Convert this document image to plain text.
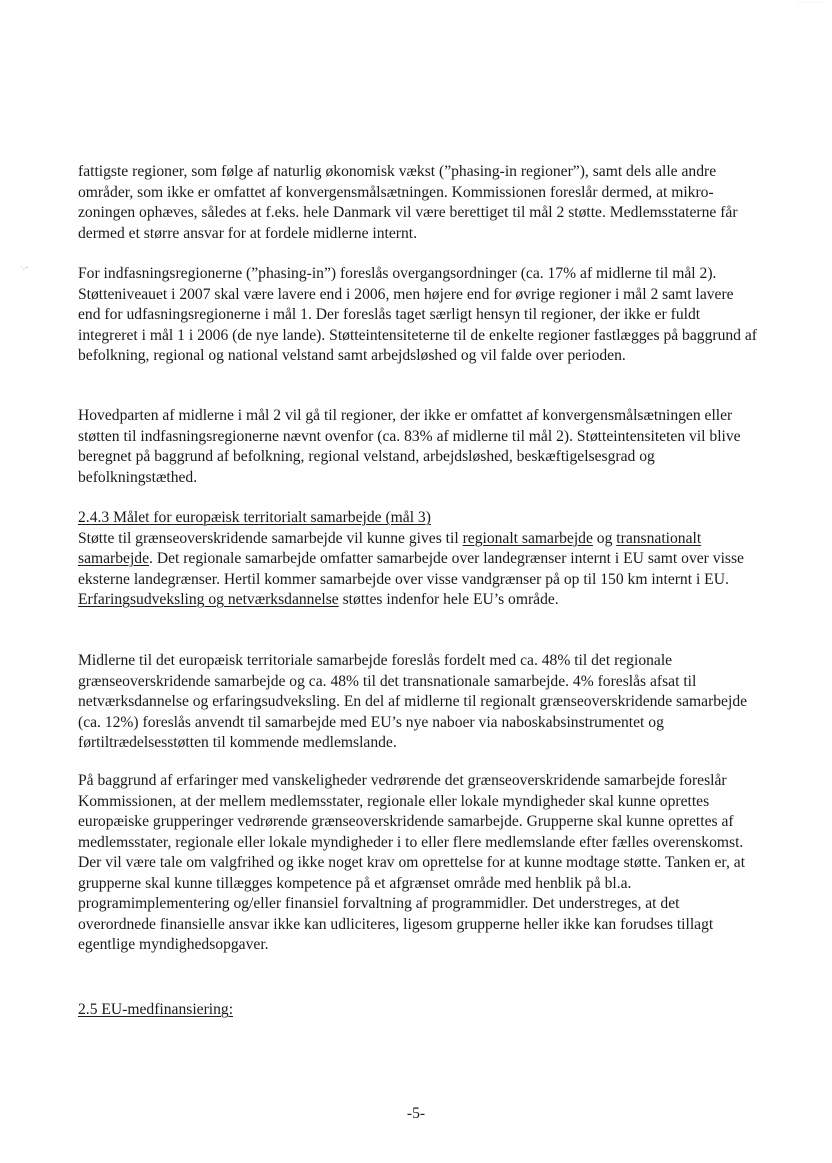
·······
˙·ˉ

fattigste regioner, som følge af naturlig økonomisk vækst (”phasing-in regioner”), samt dels alle andre områder, som ikke er omfattet af konvergensmålsætningen. Kommissionen foreslår dermed, at mikro-zoningen ophæves, således at f.eks. hele Danmark vil være berettiget til mål 2 støtte. Medlemsstaterne får dermed et større ansvar for at fordele midlerne internt.

For indfasningsregionerne (”phasing-in”) foreslås overgangsordninger (ca. 17% af midlerne til mål 2). Støtteniveauet i 2007 skal være lavere end i 2006, men højere end for øvrige regioner i mål 2 samt lavere end for udfasningsregionerne i mål 1. Der foreslås taget særligt hensyn til regioner, der ikke er fuldt integreret i mål 1 i 2006 (de nye lande). Støtteintensiteterne til de enkelte regioner fastlægges på baggrund af befolkning, regional og national velstand samt arbejdsløshed og vil falde over perioden.

Hovedparten af midlerne i mål 2 vil gå til regioner, der ikke er omfattet af konvergensmålsætningen eller støtten til indfasningsregionerne nævnt ovenfor (ca. 83% af midlerne til mål 2). Støtteintensiteten vil blive beregnet på baggrund af befolkning, regional velstand, arbejdsløshed, beskæftigelsesgrad og befolkningstæthed.

2.4.3 Målet for europæisk territorialt samarbejde (mål 3)

Støtte til grænseoverskridende samarbejde vil kunne gives til regionalt samarbejde og transnationalt samarbejde. Det regionale samarbejde omfatter samarbejde over landegrænser internt i EU samt over visse eksterne landegrænser. Hertil kommer samarbejde over visse vandgrænser på op til 150 km internt i EU. Erfaringsudveksling og netværksdannelse støttes indenfor hele EU’s område.

Midlerne til det europæisk territoriale samarbejde foreslås fordelt med ca. 48% til det regionale grænseoverskridende samarbejde og ca. 48% til det transnationale samarbejde. 4% foreslås afsat til netværksdannelse og erfaringsudveksling. En del af midlerne til regionalt grænseoverskridende samarbejde (ca. 12%) foreslås anvendt til samarbejde med EU’s nye naboer via naboskabsinstrumentet og førtiltrædelsesstøtten til kommende medlemslande.

På baggrund af erfaringer med vanskeligheder vedrørende det grænseoverskridende samarbejde foreslår Kommissionen, at der mellem medlemsstater, regionale eller lokale myndigheder skal kunne oprettes europæiske grupperinger vedrørende grænseoverskridende samarbejde. Grupperne skal kunne oprettes af medlemsstater, regionale eller lokale myndigheder i to eller flere medlemslande efter fælles overenskomst. Der vil være tale om valgfrihed og ikke noget krav om oprettelse for at kunne modtage støtte. Tanken er, at grupperne skal kunne tillægges kompetence på et afgrænset område med henblik på bl.a. programimplementering og/eller finansiel forvaltning af programmidler. Det understreges, at det overordnede finansielle ansvar ikke kan udliciteres, ligesom grupperne heller ikke kan forudses tillagt egentlige myndighedsopgaver.

2.5 EU-medfinansiering:
-5-
